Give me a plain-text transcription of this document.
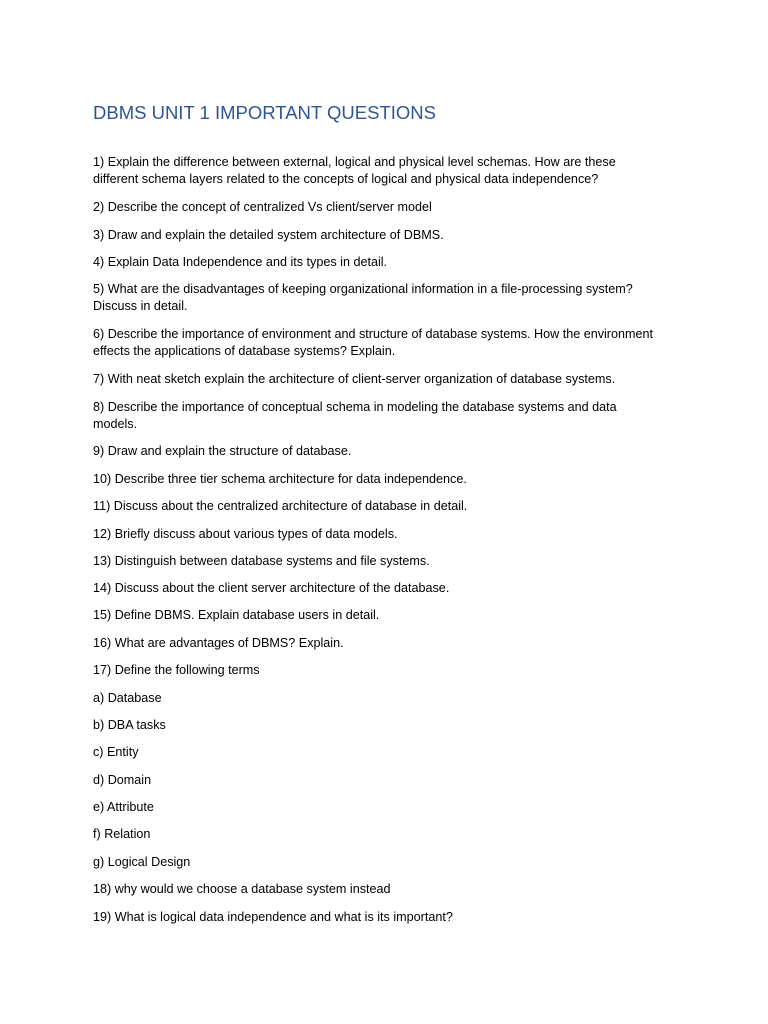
DBMS UNIT 1 IMPORTANT QUESTIONS

1) Explain the difference between external, logical and physical level schemas. How are these
different schema layers related to the concepts of logical and physical data independence?

2) Describe the concept of centralized Vs client/server model

3) Draw and explain the detailed system architecture of DBMS.

4) Explain Data Independence and its types in detail.

5) What are the disadvantages of keeping organizational information in a file-processing system?
Discuss in detail.

6) Describe the importance of environment and structure of database systems. How the environment
effects the applications of database systems? Explain.

7) With neat sketch explain the architecture of client-server organization of database systems.

8) Describe the importance of conceptual schema in modeling the database systems and data
models.

9) Draw and explain the structure of database.

10) Describe three tier schema architecture for data independence.

11) Discuss about the centralized architecture of database in detail.

12) Briefly discuss about various types of data models.

13) Distinguish between database systems and file systems.

14) Discuss about the client server architecture of the database.

15) Define DBMS. Explain database users in detail.

16) What are advantages of DBMS? Explain.

17) Define the following terms

a) Database

b) DBA tasks

c) Entity

d) Domain

e) Attribute

f) Relation

g) Logical Design

18) why would we choose a database system instead

19) What is logical data independence and what is its important?
